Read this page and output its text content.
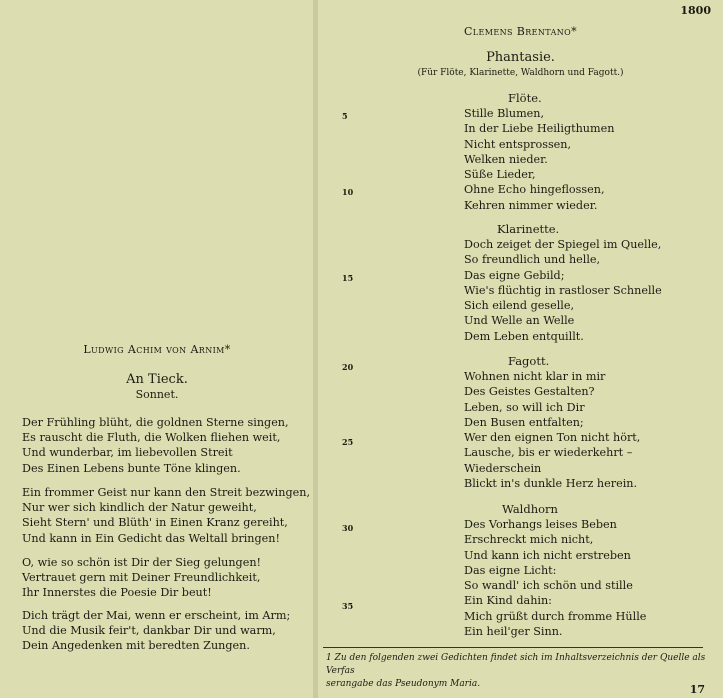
Ludwig Achim von Arnim*
An Tieck.
Sonnet.
Der Frühling blüht, die goldnen Sterne singen,
Es rauscht die Fluth, die Wolken fliehen weit,
Und wunderbar, im liebevollen Streit
Des Einen Lebens bunte Töne klingen.
Ein frommer Geist nur kann den Streit bezwingen,
Nur wer sich kindlich der Natur geweiht,
Sieht Stern' und Blüth' in Einen Kranz gereiht,
Und kann in Ein Gedicht das Weltall bringen!
O, wie so schön ist Dir der Sieg gelungen!
Vertrauet gern mit Deiner Freundlichkeit,
Ihr Innerstes die Poesie Dir beut!
Dich trägt der Mai, wenn er erscheint, im Arm;
Und die Musik feir't, dankbar Dir und warm,
Dein Angedenken mit beredten Zungen.
1800
Clemens Brentano*
Phantasie.
(Für Flöte, Klarinette, Waldhorn und Fagott.)
Flöte.
Stille Blumen,
In der Liebe Heiligthumen
Nicht entsprossen,
Welken nieder.
Süße Lieder,
Ohne Echo hingeflossen,
Kehren nimmer wieder.
Klarinette.
Doch zeiget der Spiegel im Quelle,
So freundlich und helle,
Das eigne Gebild;
Wie's flüchtig in rastloser Schnelle
Sich eilend geselle,
Und Welle an Welle
Dem Leben entquillt.
Fagott.
Wohnen nicht klar in mir
Des Geistes Gestalten?
Leben, so will ich Dir
Den Busen entfalten;
Wer den eignen Ton nicht hört,
Lausche, bis er wiederkehrt –
Wiederschein
Blickt in's dunkle Herz herein.
Waldhorn
Des Vorhangs leises Beben
Erschreckt mich nicht,
Und kann ich nicht erstreben
Das eigne Licht:
So wandl' ich schön und stille
Ein Kind dahin:
Mich grüßt durch fromme Hülle
Ein heil'ger Sinn.
5
10
15
20
25
30
35
1 Zu den folgenden zwei Gedichten findet sich im Inhaltsverzeichnis der Quelle als Verfas
serangabe das Pseudonym Maria.	17
